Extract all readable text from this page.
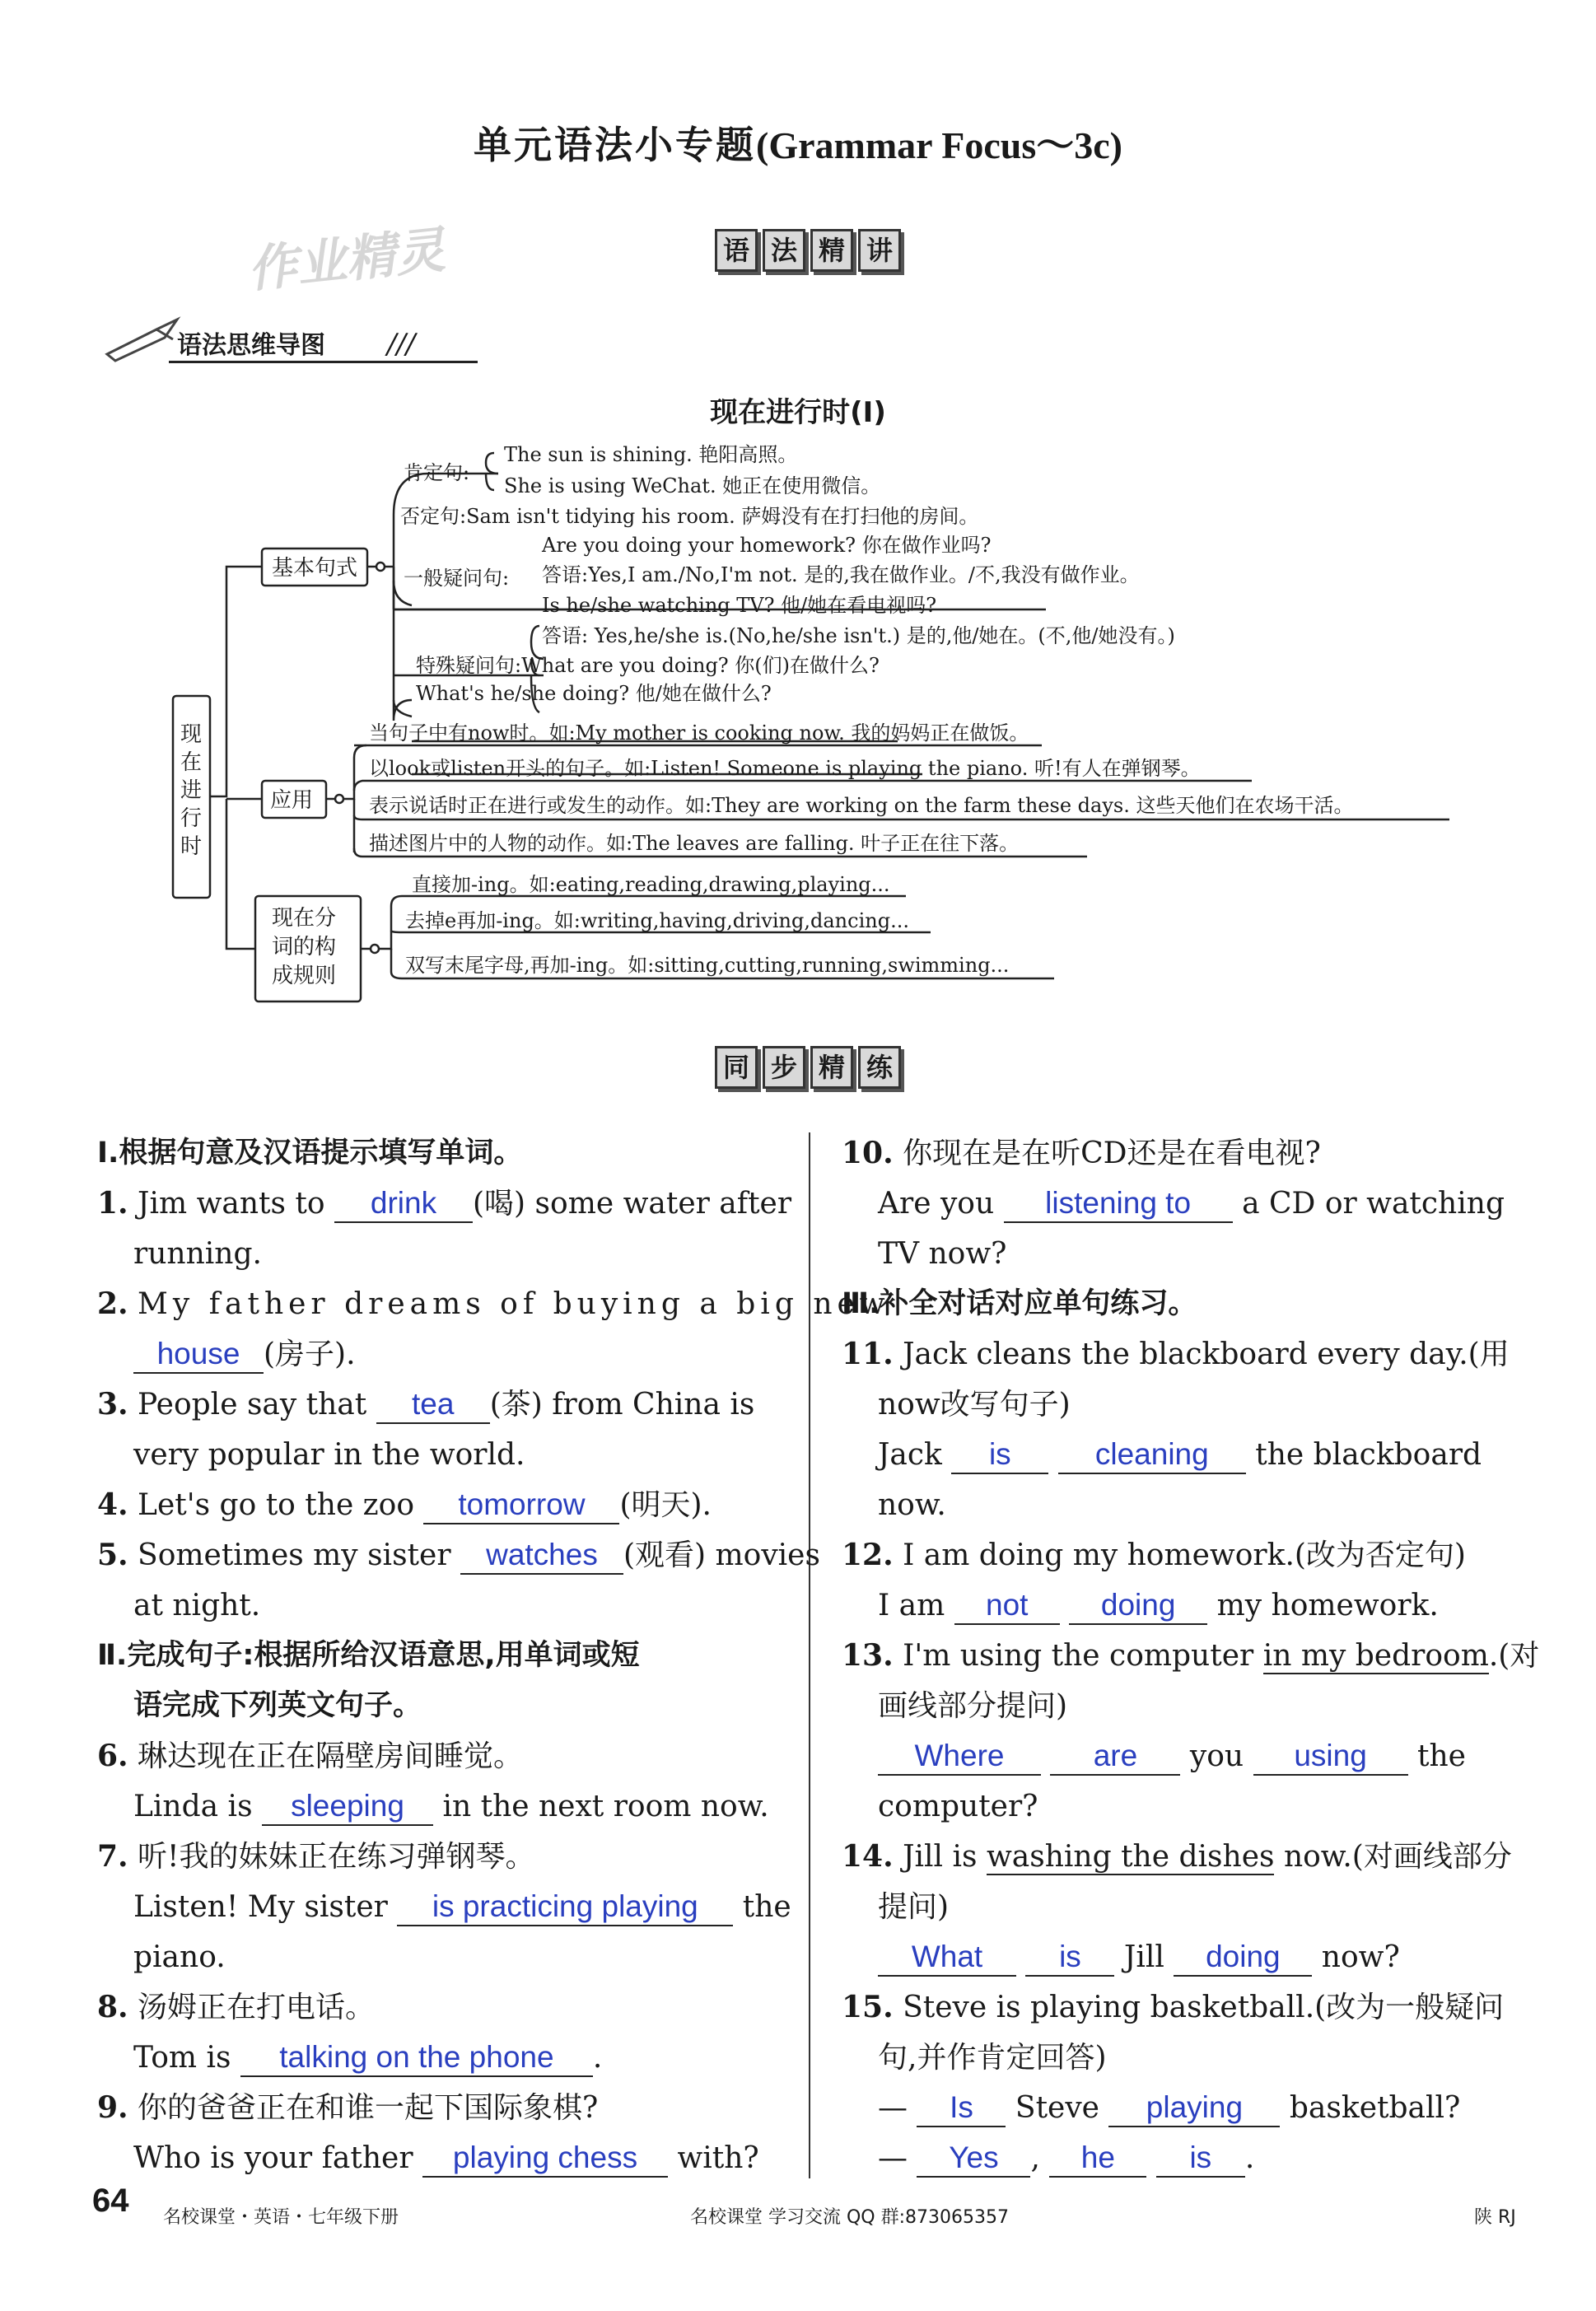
单元语法小专题(Grammar Focus～3c)
作业精灵	语 法 精 讲
语法思维导图 ///
现在进行时(Ⅰ)
现在进行时
基本句式
应用
现在分
词的构
成规则
肯定句:
The sun is shining. 艳阳高照。
She is using WeChat. 她正在使用微信。
否定句:Sam isn't tidying his room. 萨姆没有在打扫他的房间。
一般疑问句:
Are you doing your homework? 你在做作业吗?
答语:Yes,I am./No,I'm not. 是的,我在做作业。/不,我没有做作业。
Is he/she watching TV? 他/她在看电视吗?
答语: Yes,he/she is.(No,he/she isn't.) 是的,他/她在。(不,他/她没有。)
特殊疑问句:What are you doing? 你(们)在做什么?
What's he/she doing? 他/她在做什么?
当句子中有now时。如:My mother is cooking now. 我的妈妈正在做饭。
以look或listen开头的句子。如:Listen! Someone is playing the piano. 听!有人在弹钢琴。
表示说话时正在进行或发生的动作。如:They are working on the farm these days. 这些天他们在农场干活。
描述图片中的人物的动作。如:The leaves are falling. 叶子正在往下落。
直接加-ing。如:eating,reading,drawing,playing...
去掉e再加-ing。如:writing,having,driving,dancing...
双写末尾字母,再加-ing。如:sitting,cutting,running,swimming...
同 步 精 练
Ⅰ.根据句意及汉语提示填写单词。
1. Jim wants to drink (喝) some water after
running.
2. My father dreams of buying a big new
house (房子).
3. People say that tea (茶) from China is
very popular in the world.
4. Let's go to the zoo tomorrow (明天).
5. Sometimes my sister watches (观看) movies
at night.
Ⅱ.完成句子:根据所给汉语意思,用单词或短
语完成下列英文句子。
6. 琳达现在正在隔壁房间睡觉。
Linda is sleeping in the next room now.
7. 听!我的妹妹正在练习弹钢琴。
Listen! My sister is practicing playing the
piano.
8. 汤姆正在打电话。
Tom is talking on the phone .
9. 你的爸爸正在和谁一起下国际象棋?
Who is your father playing chess with?
10. 你现在是在听CD还是在看电视?
Are you listening to a CD or watching
TV now?
Ⅲ.补全对话对应单句练习。
11. Jack cleans the blackboard every day.(用
now改写句子)
Jack is	cleaning the blackboard
now.
12. I am doing my homework.(改为否定句)
I am not doing my homework.
13. I'm using the computer in my bedroom.(对
画线部分提问)
Where	are you using the
computer?
14. Jill is washing the dishes now.(对画线部分
提问)
What	is Jill doing now?
15. Steve is playing basketball.(改为一般疑问
句,并作肯定回答)
— Is Steve playing basketball?
— Yes , he is .
64 名校课堂・英语・七年级下册	名校课堂 学习交流 QQ 群:873065357	陕 RJ
